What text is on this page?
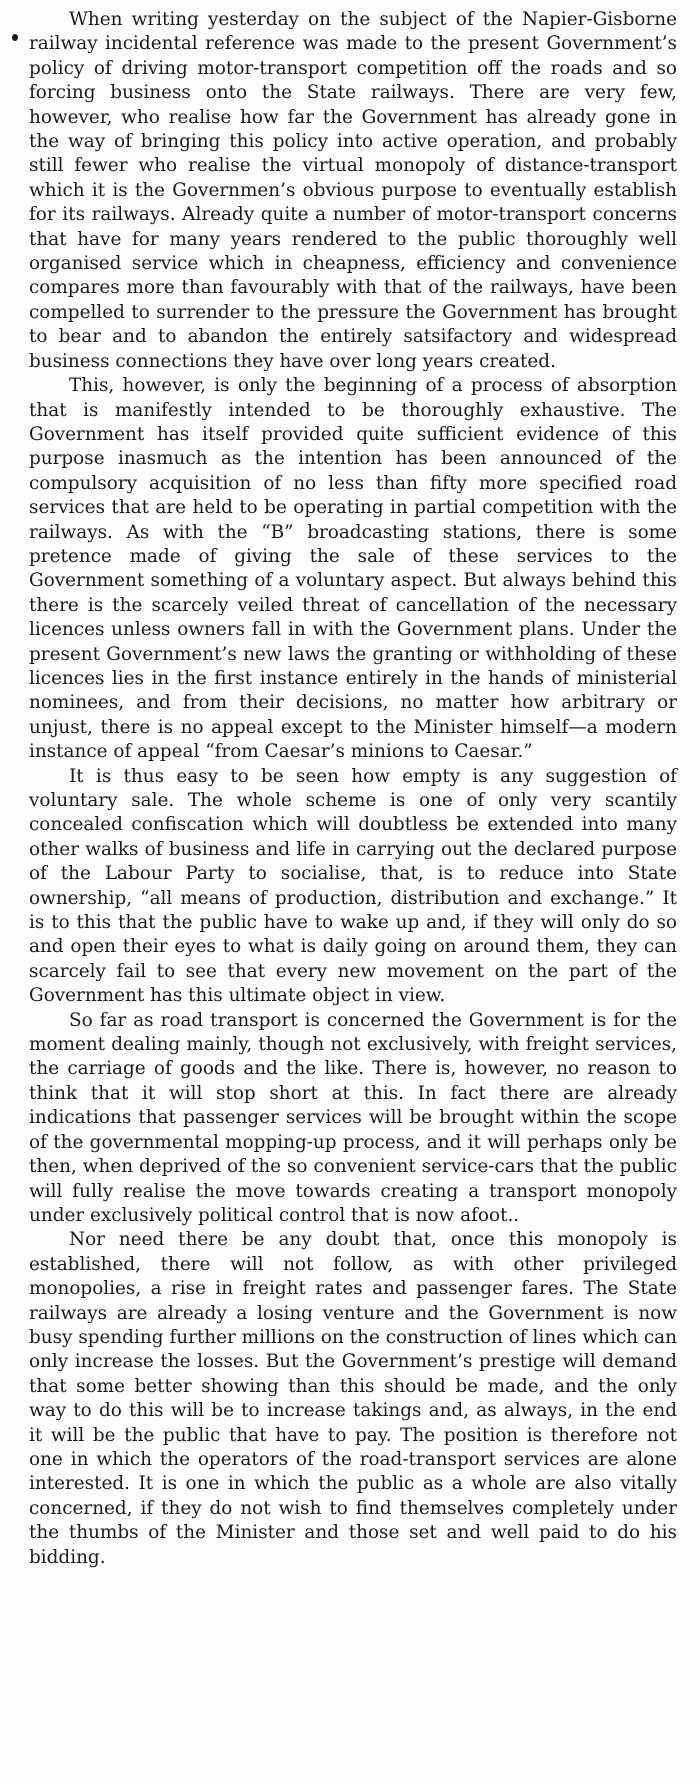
When writing yesterday on the subject of the Napier-Gisborne railway incidental reference was made to the present Government’s policy of driving motor-transport competition off the roads and so forcing business onto the State railways. There are very few, however, who realise how far the Government has already gone in the way of bringing this policy into active operation, and probably still fewer who realise the virtual monopoly of distance-transport which it is the Governmen’s obvious purpose to eventually establish for its railways. Already quite a number of motor-transport concerns that have for many years rendered to the public thoroughly well organised service which in cheapness, efficiency and convenience compares more than favourably with that of the railways, have been compelled to surrender to the pressure the Government has brought to bear and to abandon the entirely satsifactory and widespread business connections they have over long years created.

This, however, is only the beginning of a process of absorption that is manifestly intended to be thoroughly exhaustive. The Government has itself provided quite sufficient evidence of this purpose inasmuch as the intention has been announced of the compulsory acquisition of no less than fifty more specified road services that are held to be operating in partial competition with the railways. As with the “B” broadcasting stations, there is some pretence made of giving the sale of these services to the Government something of a voluntary aspect. But always behind this there is the scarcely veiled threat of cancellation of the necessary licences unless owners fall in with the Government plans. Under the present Government’s new laws the granting or withholding of these licences lies in the first instance entirely in the hands of ministerial nominees, and from their decisions, no matter how arbitrary or unjust, there is no appeal except to the Minister himself—a modern instance of appeal “from Caesar’s minions to Caesar.”

It is thus easy to be seen how empty is any suggestion of voluntary sale. The whole scheme is one of only very scantily concealed confiscation which will doubtless be extended into many other walks of business and life in carrying out the declared purpose of the Labour Party to socialise, that, is to reduce into State ownership, “all means of production, distribution and exchange.” It is to this that the public have to wake up and, if they will only do so and open their eyes to what is daily going on around them, they can scarcely fail to see that every new movement on the part of the Government has this ultimate object in view.

So far as road transport is concerned the Government is for the moment dealing mainly, though not exclusively, with freight services, the carriage of goods and the like. There is, however, no reason to think that it will stop short at this. In fact there are already indications that passenger services will be brought within the scope of the governmental mopping-up process, and it will perhaps only be then, when deprived of the so convenient service-cars that the public will fully realise the move towards creating a transport monopoly under exclusively political control that is now afoot..

Nor need there be any doubt that, once this monopoly is established, there will not follow, as with other privileged monopolies, a rise in freight rates and passenger fares. The State railways are already a losing venture and the Government is now busy spending further millions on the construction of lines which can only increase the losses. But the Government’s prestige will demand that some better showing than this should be made, and the only way to do this will be to increase takings and, as always, in the end it will be the public that have to pay. The position is therefore not one in which the operators of the road-transport services are alone interested. It is one in which the public as a whole are also vitally concerned, if they do not wish to find themselves completely under the thumbs of the Minister and those set and well paid to do his bidding.
